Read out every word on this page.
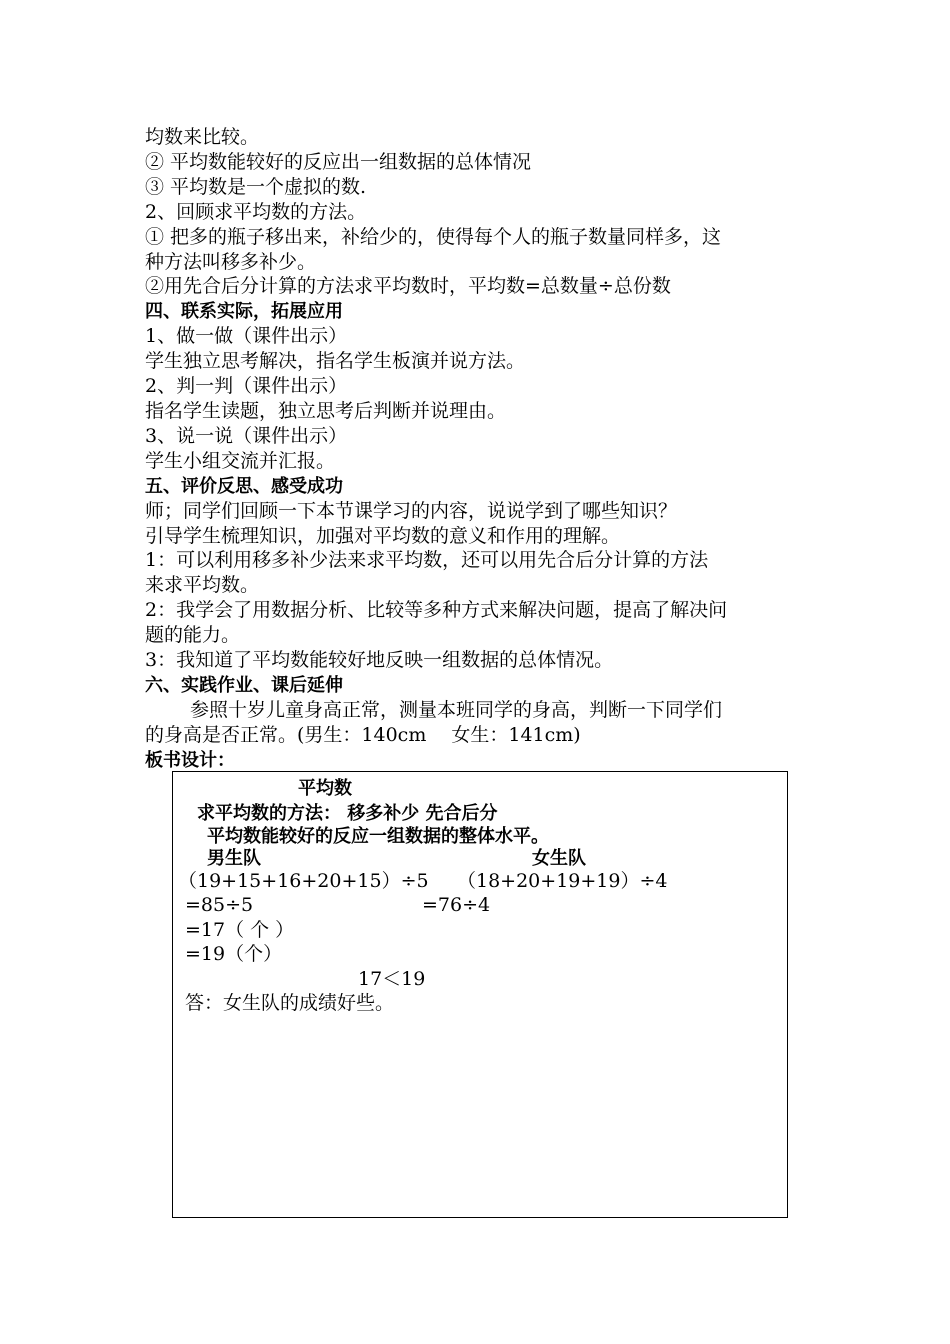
均数来比较。
② 平均数能较好的反应出一组数据的总体情况
③ 平均数是一个虚拟的数.
2、回顾求平均数的方法。
① 把多的瓶子移出来，补给少的，使得每个人的瓶子数量同样多，这
种方法叫移多补少。
②用先合后分计算的方法求平均数时，平均数=总数量÷总份数
四、联系实际，拓展应用
1、做一做（课件出示）
学生独立思考解决，指名学生板演并说方法。
2、判一判（课件出示）
指名学生读题，独立思考后判断并说理由。
3、说一说（课件出示）
学生小组交流并汇报。
五、评价反思、感受成功
师；同学们回顾一下本节课学习的内容，说说学到了哪些知识？
引导学生梳理知识，加强对平均数的意义和作用的理解。
1：可以利用移多补少法来求平均数，还可以用先合后分计算的方法
来求平均数。
2：我学会了用数据分析、比较等多种方式来解决问题，提高了解决问
题的能力。
3：我知道了平均数能较好地反映一组数据的总体情况。
六、实践作业、课后延伸
参照十岁儿童身高正常，测量本班同学的身高，判断一下同学们
的身高是否正常。(男生：140cm　 女生：141cm)
板书设计：
平均数
求平均数的方法： 移多补少 先合后分
平均数能较好的反应一组数据的整体水平。
男生队	女生队
（19+15+16+20+15）÷5 （18+20+19+19）÷4
=85÷5	=76÷4
=17（ 个 ）
=19（个）
17＜19
答：女生队的成绩好些。
